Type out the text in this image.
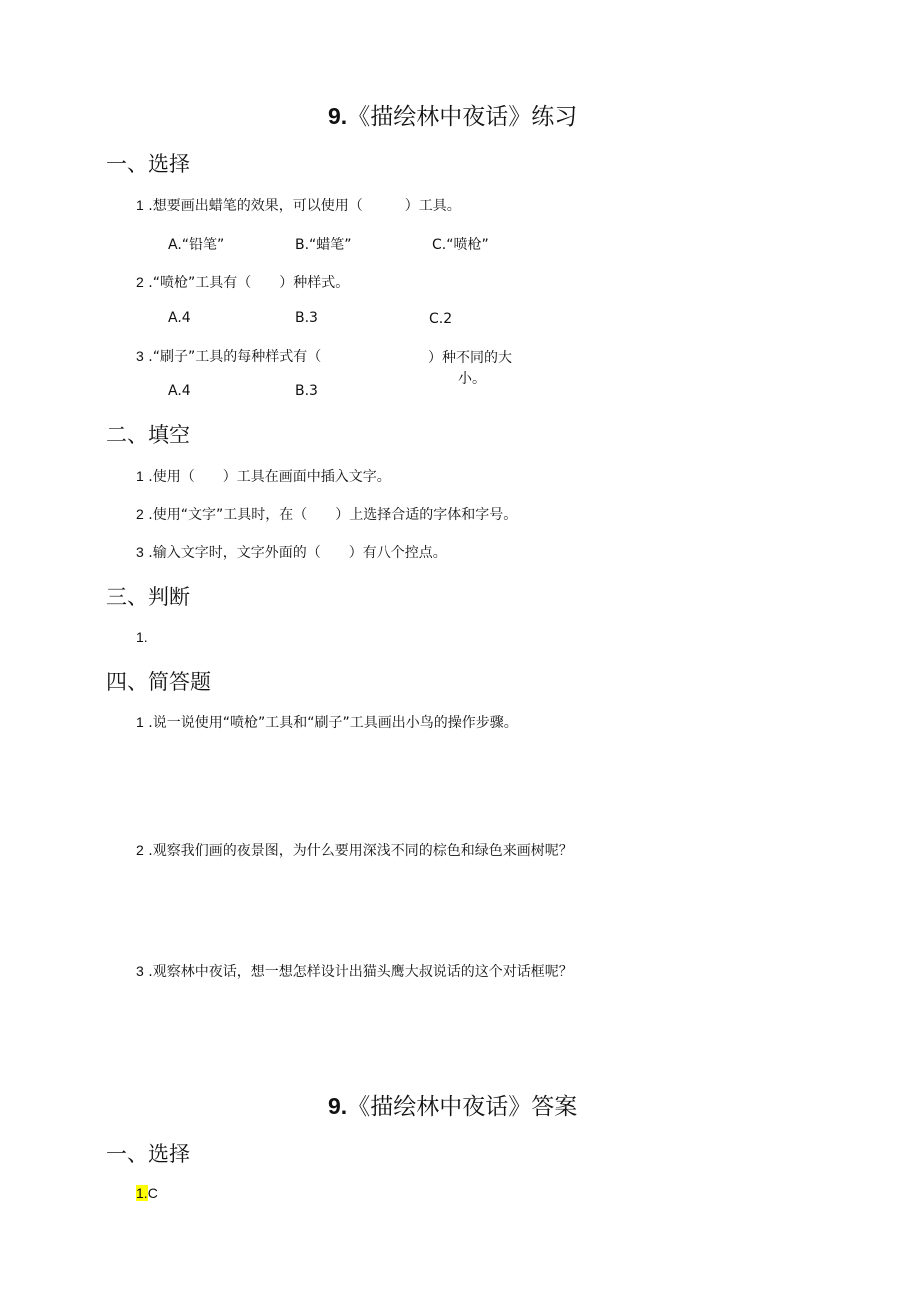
9.《描绘林中夜话》练习
一、选择
1 .想要画出蜡笔的效果，可以使用（　　　）工具。
A.“铅笔”	B.“蜡笔”	C.“喷枪”
2 .“喷枪”工具有（　　）种样式。
A.4	B.3	C.2
3 .“刷子”工具的每种样式有（	）种不同的大
小。
A.4	B.3
二、填空
1 .使用（　　）工具在画面中插入文字。
2 .使用“文字”工具时，在（　　）上选择合适的字体和字号。
3 .输入文字时，文字外面的（　　）有八个控点。
三、判断
1.
四、简答题
1 .说一说使用“喷枪”工具和“刷子”工具画出小鸟的操作步骤。
2 .观察我们画的夜景图，为什么要用深浅不同的棕色和绿色来画树呢？
3 .观察林中夜话，想一想怎样设计出猫头鹰大叔说话的这个对话框呢？
9.《描绘林中夜话》答案
一、选择
1.C
